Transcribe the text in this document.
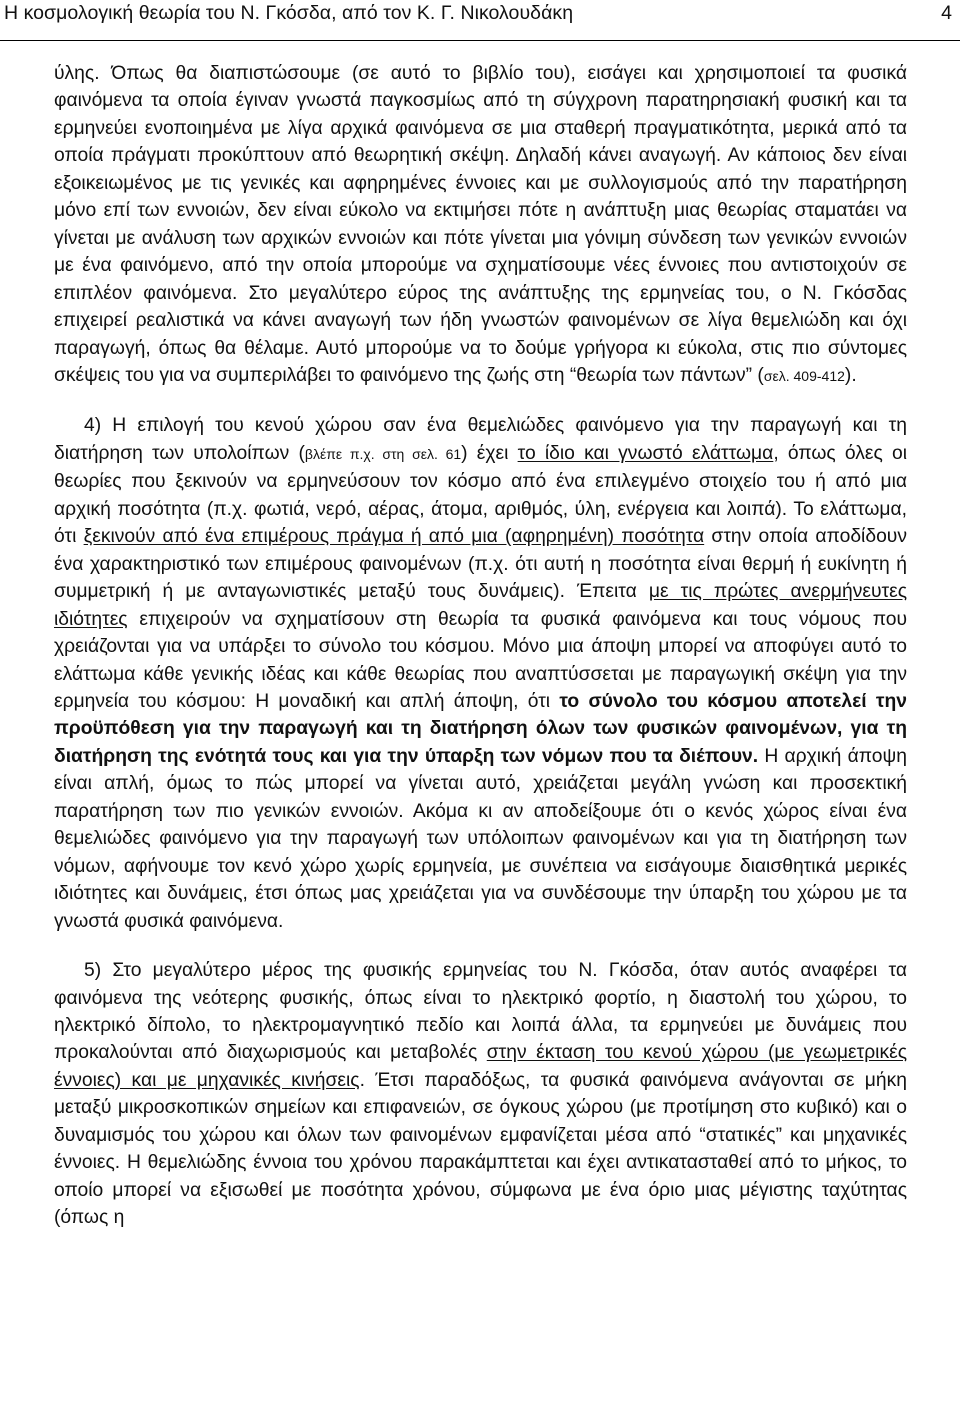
Η κοσμολογική θεωρία του Ν. Γκόσδα, από τον Κ. Γ. Νικολουδάκη	4

ύλης. Όπως θα διαπιστώσουμε (σε αυτό το βιβλίο του), εισάγει και χρησιμοποιεί τα φυσικά φαινόμενα τα οποία έγιναν γνωστά παγκοσμίως από τη σύγχρονη παρατηρησιακή φυσική και τα ερμηνεύει ενοποιημένα με λίγα αρχικά φαινόμενα σε μια σταθερή πραγματικότητα, μερικά από τα οποία πράγματι προκύπτουν από θεωρητική σκέψη. Δηλαδή κάνει αναγωγή. Αν κάποιος δεν είναι εξοικειωμένος με τις γενικές και αφηρημένες έννοιες και με συλλογισμούς από την παρατήρηση μόνο επί των εννοιών, δεν είναι εύκολο να εκτιμήσει πότε η ανάπτυξη μιας θεωρίας σταματάει να γίνεται με ανάλυση των αρχικών εννοιών και πότε γίνεται μια γόνιμη σύνδεση των γενικών εννοιών με ένα φαινόμενο, από την οποία μπορούμε να σχηματίσουμε νέες έννοιες που αντιστοιχούν σε επιπλέον φαινόμενα. Στο μεγαλύτερο εύρος της ανάπτυξης της ερμηνείας του, ο Ν. Γκόσδας επιχειρεί ρεαλιστικά να κάνει αναγωγή των ήδη γνωστών φαινομένων σε λίγα θεμελιώδη και όχι παραγωγή, όπως θα θέλαμε. Αυτό μπορούμε να το δούμε γρήγορα κι εύκολα, στις πιο σύντομες σκέψεις του για να συμπεριλάβει το φαινόμενο της ζωής στη “θεωρία των πάντων” (σελ. 409-412).

4) Η επιλογή του κενού χώρου σαν ένα θεμελιώδες φαινόμενο για την παραγωγή και τη διατήρηση των υπολοίπων (βλέπε π.χ. στη σελ. 61) έχει το ίδιο και γνωστό ελάττωμα, όπως όλες οι θεωρίες που ξεκινούν να ερμηνεύσουν τον κόσμο από ένα επιλεγμένο στοιχείο του ή από μια αρχική ποσότητα (π.χ. φωτιά, νερό, αέρας, άτομα, αριθμός, ύλη, ενέργεια και λοιπά). Το ελάττωμα, ότι ξεκινούν από ένα επιμέρους πράγμα ή από μια (αφηρημένη) ποσότητα στην οποία αποδίδουν ένα χαρακτηριστικό των επιμέρους φαινομένων (π.χ. ότι αυτή η ποσότητα είναι θερμή ή ευκίνητη ή συμμετρική ή με ανταγωνιστικές μεταξύ τους δυνάμεις). Έπειτα με τις πρώτες ανερμήνευτες ιδιότητες επιχειρούν να σχηματίσουν στη θεωρία τα φυσικά φαινόμενα και τους νόμους που χρειάζονται για να υπάρξει το σύνολο του κόσμου. Μόνο μια άποψη μπορεί να αποφύγει αυτό το ελάττωμα κάθε γενικής ιδέας και κάθε θεωρίας που αναπτύσσεται με παραγωγική σκέψη για την ερμηνεία του κόσμου: Η μοναδική και απλή άποψη, ότι το σύνολο του κόσμου αποτελεί την προϋπόθεση για την παραγωγή και τη διατήρηση όλων των φυσικών φαινομένων, για τη διατήρηση της ενότητά τους και για την ύπαρξη των νόμων που τα διέπουν. Η αρχική άποψη είναι απλή, όμως το πώς μπορεί να γίνεται αυτό, χρειάζεται μεγάλη γνώση και προσεκτική παρατήρηση των πιο γενικών εννοιών. Ακόμα κι αν αποδείξουμε ότι ο κενός χώρος είναι ένα θεμελιώδες φαινόμενο για την παραγωγή των υπόλοιπων φαινομένων και για τη διατήρηση των νόμων, αφήνουμε τον κενό χώρο χωρίς ερμηνεία, με συνέπεια να εισάγουμε διαισθητικά μερικές ιδιότητες και δυνάμεις, έτσι όπως μας χρειάζεται για να συνδέσουμε την ύπαρξη του χώρου με τα γνωστά φυσικά φαινόμενα.

5) Στο μεγαλύτερο μέρος της φυσικής ερμηνείας του Ν. Γκόσδα, όταν αυτός αναφέρει τα φαινόμενα της νεότερης φυσικής, όπως είναι το ηλεκτρικό φορτίο, η διαστολή του χώρου, το ηλεκτρικό δίπολο, το ηλεκτρομαγνητικό πεδίο και λοιπά άλλα, τα ερμηνεύει με δυνάμεις που προκαλούνται από διαχωρισμούς και μεταβολές στην έκταση του κενού χώρου (με γεωμετρικές έννοιες) και με μηχανικές κινήσεις. Έτσι παραδόξως, τα φυσικά φαινόμενα ανάγονται σε μήκη μεταξύ μικροσκοπικών σημείων και επιφανειών, σε όγκους χώρου (με προτίμηση στο κυβικό) και ο δυναμισμός του χώρου και όλων των φαινομένων εμφανίζεται μέσα από “στατικές” και μηχανικές έννοιες. Η θεμελιώδης έννοια του χρόνου παρακάμπτεται και έχει αντικατασταθεί από το μήκος, το οποίο μπορεί να εξισωθεί με ποσότητα χρόνου, σύμφωνα με ένα όριο μιας μέγιστης ταχύτητας (όπως η
